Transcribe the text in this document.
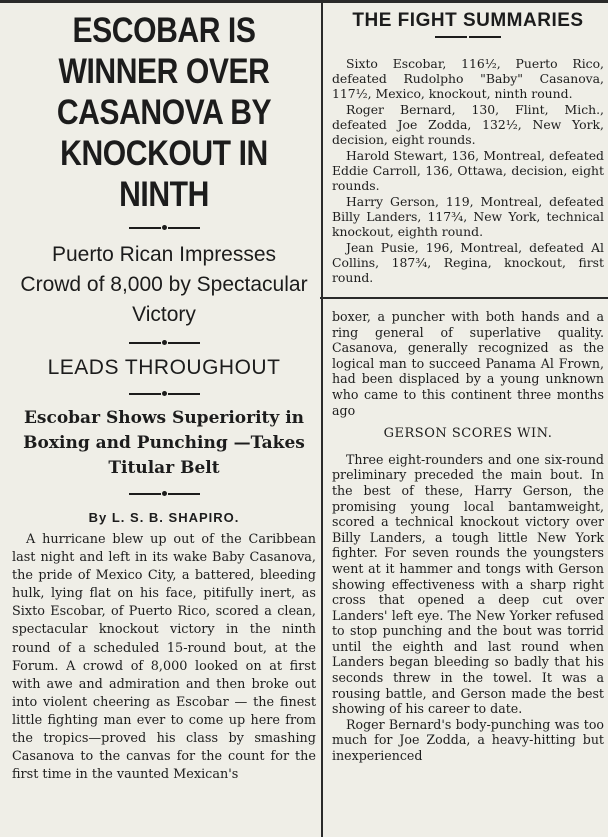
ESCOBAR IS WINNER OVER CASANOVA BY KNOCKOUT IN NINTH
Puerto Rican Impresses Crowd of 8,000 by Spectacular Victory
LEADS THROUGHOUT
Escobar Shows Superiority in Boxing and Punching —Takes Titular Belt
By L. S. B. SHAPIRO.

A hurricane blew up out of the Caribbean last night and left in its wake Baby Casanova, the pride of Mexico City, a battered, bleeding hulk, lying flat on his face, pitifully inert, as Sixto Escobar, of Puerto Rico, scored a clean, spectacular knockout victory in the ninth round of a scheduled 15-round bout, at the Forum. A crowd of 8,000 looked on at first with awe and admiration and then broke out into violent cheering as Escobar — the finest little fighting man ever to come up here from the tropics—proved his class by smashing Casanova to the canvas for the count for the first time in the vaunted Mexican's

THE FIGHT SUMMARIES

Sixto Escobar, 116½, Puerto Rico, defeated Rudolpho "Baby" Casanova, 117½, Mexico, knockout, ninth round.

Roger Bernard, 130, Flint, Mich., defeated Joe Zodda, 132½, New York, decision, eight rounds.

Harold Stewart, 136, Montreal, defeated Eddie Carroll, 136, Ottawa, decision, eight rounds.

Harry Gerson, 119, Montreal, defeated Billy Landers, 117¾, New York, technical knockout, eighth round.

Jean Pusie, 196, Montreal, defeated Al Collins, 187¾, Regina, knockout, first round.

boxer, a puncher with both hands and a ring general of superlative quality. Casanova, generally recognized as the logical man to succeed Panama Al Frown, had been displaced by a young unknown who came to this continent three months ago

GERSON SCORES WIN.

Three eight-rounders and one six-round preliminary preceded the main bout. In the best of these, Harry Gerson, the promising young local bantamweight, scored a technical knockout victory over Billy Landers, a tough little New York fighter. For seven rounds the youngsters went at it hammer and tongs with Gerson showing effectiveness with a sharp right cross that opened a deep cut over Landers' left eye. The New Yorker refused to stop punching and the bout was torrid until the eighth and last round when Landers began bleeding so badly that his seconds threw in the towel. It was a rousing battle, and Gerson made the best showing of his career to date.

Roger Bernard's body-punching was too much for Joe Zodda, a heavy-hitting but inexperienced
